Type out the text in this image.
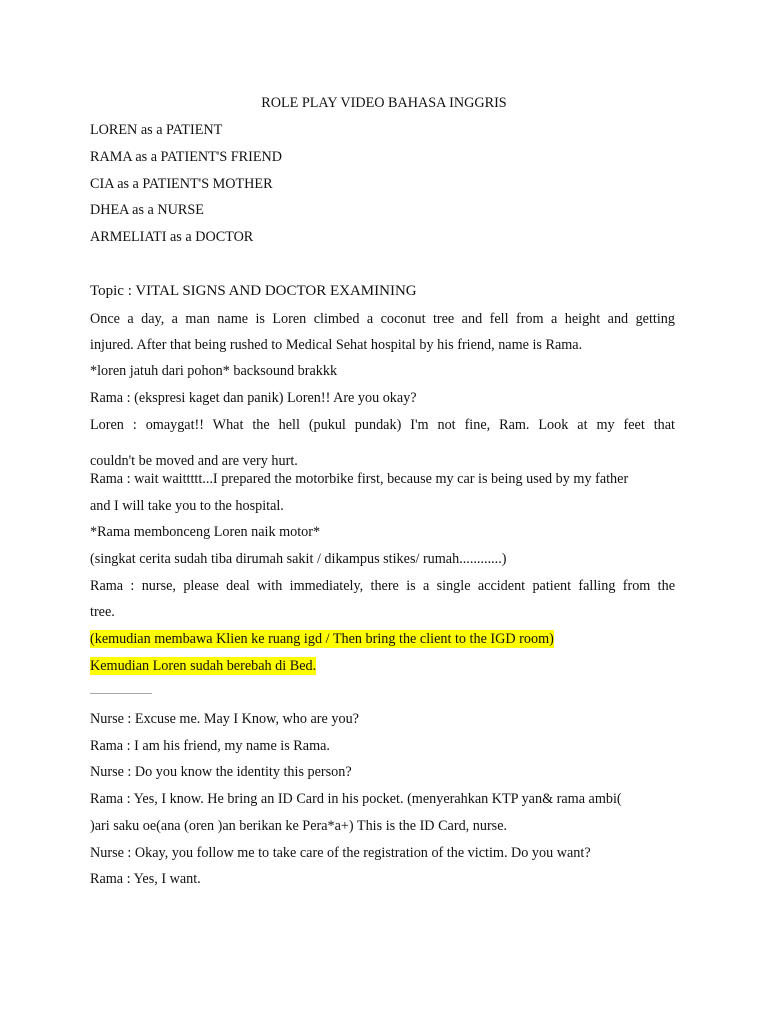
ROLE PLAY VIDEO BAHASA INGGRIS
LOREN as a PATIENT
RAMA as a PATIENT'S FRIEND
CIA as a PATIENT'S MOTHER
DHEA as a NURSE
ARMELIATI as a DOCTOR
Topic : VITAL SIGNS AND DOCTOR EXAMINING
Once a day, a man name is Loren climbed a coconut tree and fell from a height and getting
injured. After that being rushed to Medical Sehat hospital by his friend, name is Rama.
*loren jatuh dari pohon* backsound brakkk
Rama : (ekspresi kaget dan panik) Loren!! Are you okay?
Loren : omaygat!! What the hell (pukul pundak) I'm not fine, Ram. Look at my feet that
couldn't be moved and are very hurt.
Rama : wait waittttt...I prepared the motorbike first, because my car is being used by my father
and I will take you to the hospital.
*Rama membonceng Loren naik motor*
(singkat cerita sudah tiba dirumah sakit / dikampus stikes/ rumah............)
Rama : nurse, please deal with immediately, there is a single accident patient falling from the
tree.
(kemudian membawa Klien ke ruang igd / Then bring the client to the IGD room)
Kemudian Loren sudah berebah di Bed.
...............................
Nurse : Excuse me. May I Know, who are you?
Rama : I am his friend, my name is Rama.
Nurse : Do you know the identity this person?
Rama : Yes, I know. He bring an ID Card in his pocket. (menyerahkan KTP yan& rama ambi(
)ari saku oe(ana (oren )an berikan ke Pera*a+) This is the ID Card, nurse.
Nurse : Okay, you follow me to take care of the registration of the victim. Do you want?
Rama : Yes, I want.
